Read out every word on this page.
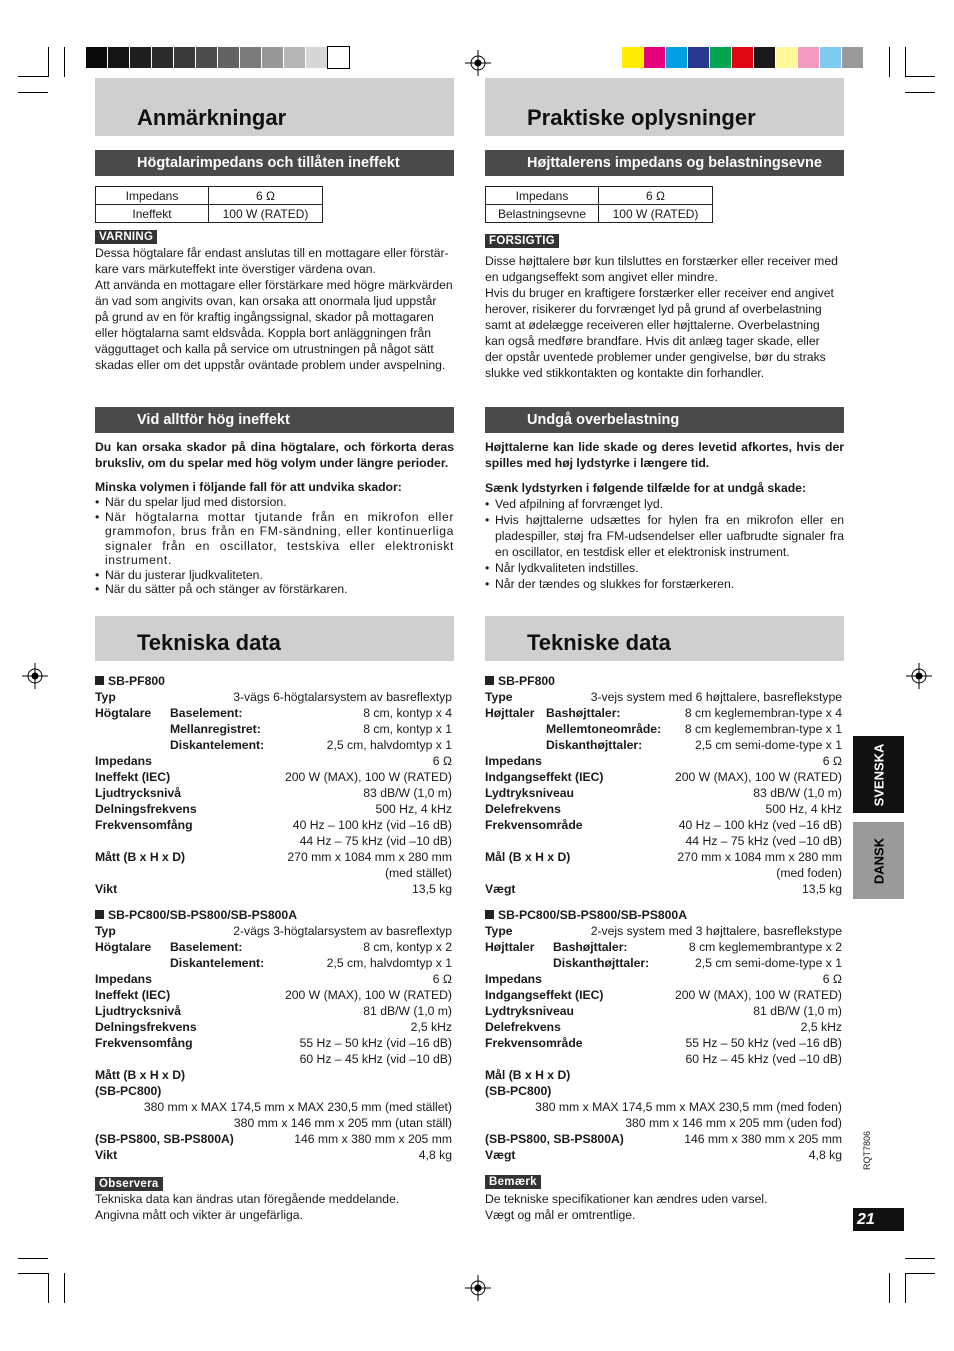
Anmärkningar
Högtalarimpedans och tillåten ineffekt
Impedans	6 Ω
Ineffekt	100 W (RATED)
VARNING
Dessa högtalare får endast anslutas till en mottagare eller förstär-
kare vars märkuteffekt inte överstiger värdena ovan.
Att använda en mottagare eller förstärkare med högre märkvärden
än vad som angivits ovan, kan orsaka att onormala ljud uppstår
på grund av en för kraftig ingångssignal, skador på mottagaren
eller högtalarna samt eldsvåda. Koppla bort anläggningen från
vägguttaget och kalla på service om utrustningen på något sätt
skadas eller om det uppstår oväntade problem under avspelning.
Vid alltför hög ineffekt

Du kan orsaka skador på dina högtalare, och förkorta deras bruksliv, om du spelar med hög volym under längre perioder.

Minska volymen i följande fall för att undvika skador:

• När du spelar ljud med distorsion.
• När högtalarna mottar tjutande från en mikrofon eller grammofon, brus från en FM-sändning, eller kontinuerliga signaler från en oscillator, testskiva eller elektroniskt instrument.
• När du justerar ljudkvaliteten.
• När du sätter på och stänger av förstärkaren.
Tekniska data
SB-PF800
Typ	3-vägs 6-högtalarsystem av basreflextyp
Högtalare Baselement:	8 cm, kontyp x 4
Mellanregistret:	8 cm, kontyp x 1
Diskantelement:	2,5 cm, halvdomtyp x 1
Impedans	6 Ω
Ineffekt (IEC)	200 W (MAX), 100 W (RATED)
Ljudtrycksnivå	83 dB/W (1,0 m)
Delningsfrekvens	500 Hz, 4 kHz
Frekvensomfång	40 Hz – 100 kHz (vid –16 dB)
44 Hz – 75 kHz (vid –10 dB)
Mått (B x H x D)	270 mm x 1084 mm x 280 mm
(med stället)
Vikt	13,5 kg
SB-PC800/SB-PS800/SB-PS800A
Typ	2-vägs 3-högtalarsystem av basreflextyp
Högtalare Baselement:	8 cm, kontyp x 2
Diskantelement:	2,5 cm, halvdomtyp x 1
Impedans	6 Ω
Ineffekt (IEC)	200 W (MAX), 100 W (RATED)
Ljudtrycksnivå	81 dB/W (1,0 m)
Delningsfrekvens	2,5 kHz
Frekvensomfång	55 Hz – 50 kHz (vid –16 dB)
60 Hz – 45 kHz (vid –10 dB)
Mått (B x H x D)
(SB-PC800)
380 mm x MAX 174,5 mm x MAX 230,5 mm (med stället)
380 mm x 146 mm x 205 mm (utan ställ)
(SB-PS800, SB-PS800A)	146 mm x 380 mm x 205 mm
Vikt	4,8 kg
Observera
Tekniska data kan ändras utan föregående meddelande.
Angivna mått och vikter är ungefärliga.
Praktiske oplysninger
Højttalerens impedans og belastningsevne
Impedans	6 Ω
Belastningsevne	100 W (RATED)
FORSIGTIG
Disse højttalere bør kun tilsluttes en forstærker eller receiver med
en udgangseffekt som angivet eller mindre.
Hvis du bruger en kraftigere forstærker eller receiver end angivet
herover, risikerer du forvrænget lyd på grund af overbelastning
samt at ødelægge receiveren eller højttalerne. Overbelastning
kan også medføre brandfare. Hvis dit anlæg tager skade, eller
der opstår uventede problemer under gengivelse, bør du straks
slukke ved stikkontakten og kontakte din forhandler.
Undgå overbelastning

Højttalerne kan lide skade og deres levetid afkortes, hvis der spilles med høj lydstyrke i længere tid.

Sænk lydstyrken i følgende tilfælde for at undgå skade:

• Ved afpilning af forvrænget lyd.
• Hvis højttalerne udsættes for hylen fra en mikrofon eller en pladespiller, støj fra FM-udsendelser eller uafbrudte signaler fra en oscillator, en testdisk eller et elektronisk instrument.
• Når lydkvaliteten indstilles.
• Når der tændes og slukkes for forstærkeren.
Tekniske data
SB-PF800
Type	3-vejs system med 6 højttalere, basreflekstype
Højttaler Bashøjttaler:	8 cm keglemembran-type x 4
Mellemtoneområde: 8 cm keglemembran-type x 1
Diskanthøjttaler:	2,5 cm semi-dome-type x 1
Impedans	6 Ω
Indgangseffekt (IEC)	200 W (MAX), 100 W (RATED)
Lydtryksniveau	83 dB/W (1,0 m)
Delefrekvens	500 Hz, 4 kHz
Frekvensområde	40 Hz – 100 kHz (ved –16 dB)
44 Hz – 75 kHz (ved –10 dB)
Mål (B x H x D)	270 mm x 1084 mm x 280 mm
(med foden)
Vægt	13,5 kg
SB-PC800/SB-PS800/SB-PS800A
Type	2-vejs system med 3 højttalere, basreflekstype
Højttaler Bashøjttaler:	8 cm keglemembrantype x 2
Diskanthøjttaler:	2,5 cm semi-dome-type x 1
Impedans	6 Ω
Indgangseffekt (IEC)	200 W (MAX), 100 W (RATED)
Lydtryksniveau	81 dB/W (1,0 m)
Delefrekvens	2,5 kHz
Frekvensområde	55 Hz – 50 kHz (ved –16 dB)
60 Hz – 45 kHz (ved –10 dB)
Mål (B x H x D)
(SB-PC800)
380 mm x MAX 174,5 mm x MAX 230,5 mm (med foden)
380 mm x 146 mm x 205 mm (uden fod)
(SB-PS800, SB-PS800A)	146 mm x 380 mm x 205 mm
Vægt	4,8 kg
Bemærk
De tekniske specifikationer kan ændres uden varsel.
Vægt og mål er omtrentlige.
SVENSKA
DANSK
RQT7806
21
